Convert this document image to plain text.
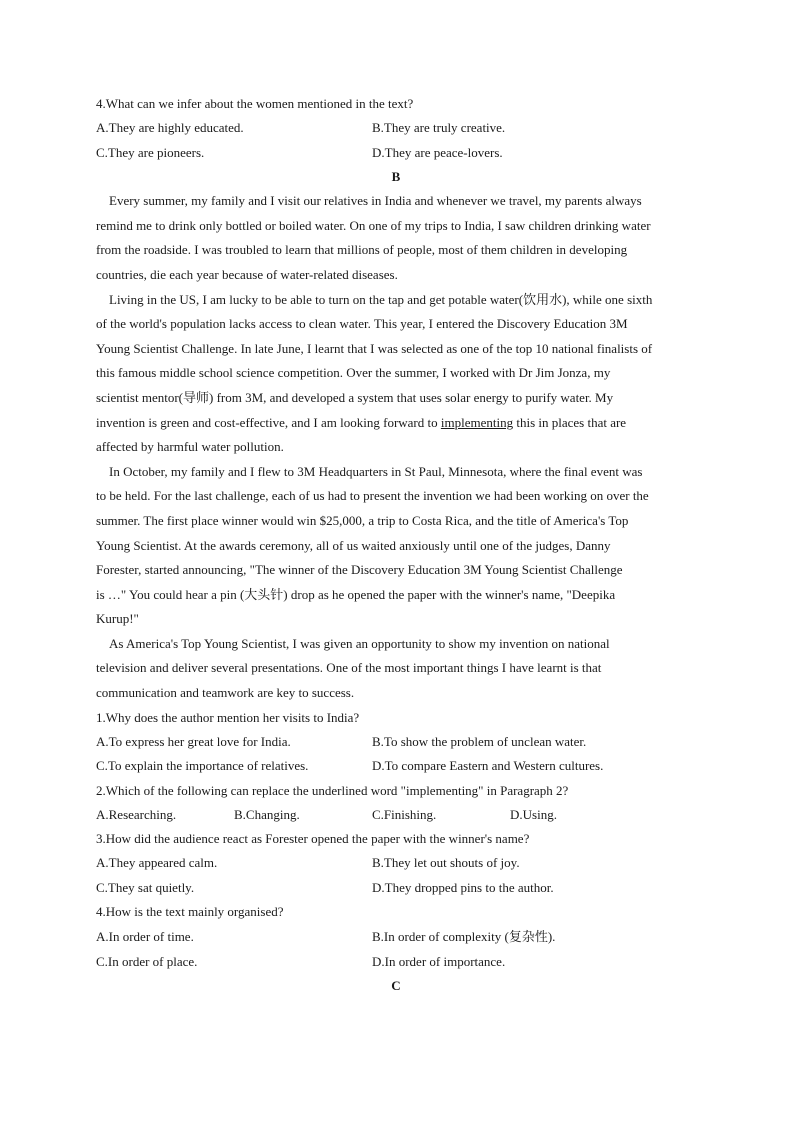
4.What can we infer about the women mentioned in the text?
A.They are highly educated.	B.They are truly creative.
C.They are pioneers.	D.They are peace-lovers.
B
Every summer, my family and I visit our relatives in India and whenever we travel, my parents always
remind me to drink only bottled or boiled water. On one of my trips to India, I saw children drinking water
from the roadside. I was troubled to learn that millions of people, most of them children in developing
countries, die each year because of water-related diseases.
Living in the US, I am lucky to be able to turn on the tap and get potable water(饮用水), while one sixth
of the world's population lacks access to clean water. This year, I entered the Discovery Education 3M
Young Scientist Challenge. In late June, I learnt that I was selected as one of the top 10 national finalists of
this famous middle school science competition. Over the summer, I worked with Dr Jim Jonza, my
scientist mentor(导师) from 3M, and developed a system that uses solar energy to purify water. My
invention is green and cost-effective, and I am looking forward to implementing this in places that are
affected by harmful water pollution.
In October, my family and I flew to 3M Headquarters in St Paul, Minnesota, where the final event was
to be held. For the last challenge, each of us had to present the invention we had been working on over the
summer. The first place winner would win $25,000, a trip to Costa Rica, and the title of America's Top
Young Scientist. At the awards ceremony, all of us waited anxiously until one of the judges, Danny
Forester, started announcing, "The winner of the Discovery Education 3M Young Scientist Challenge
is …" You could hear a pin (大头针) drop as he opened the paper with the winner's name, "Deepika
Kurup!"
As America's Top Young Scientist, I was given an opportunity to show my invention on national
television and deliver several presentations. One of the most important things I have learnt is that
communication and teamwork are key to success.
1.Why does the author mention her visits to India?
A.To express her great love for India.	B.To show the problem of unclean water.
C.To explain the importance of relatives.	D.To compare Eastern and Western cultures.
2.Which of the following can replace the underlined word "implementing" in Paragraph 2?
A.Researching.	B.Changing.	C.Finishing.	D.Using.
3.How did the audience react as Forester opened the paper with the winner's name?
A.They appeared calm.	B.They let out shouts of joy.
C.They sat quietly.	D.They dropped pins to the author.
4.How is the text mainly organised?
A.In order of time.	B.In order of complexity (复杂性).
C.In order of place.	D.In order of importance.
C
